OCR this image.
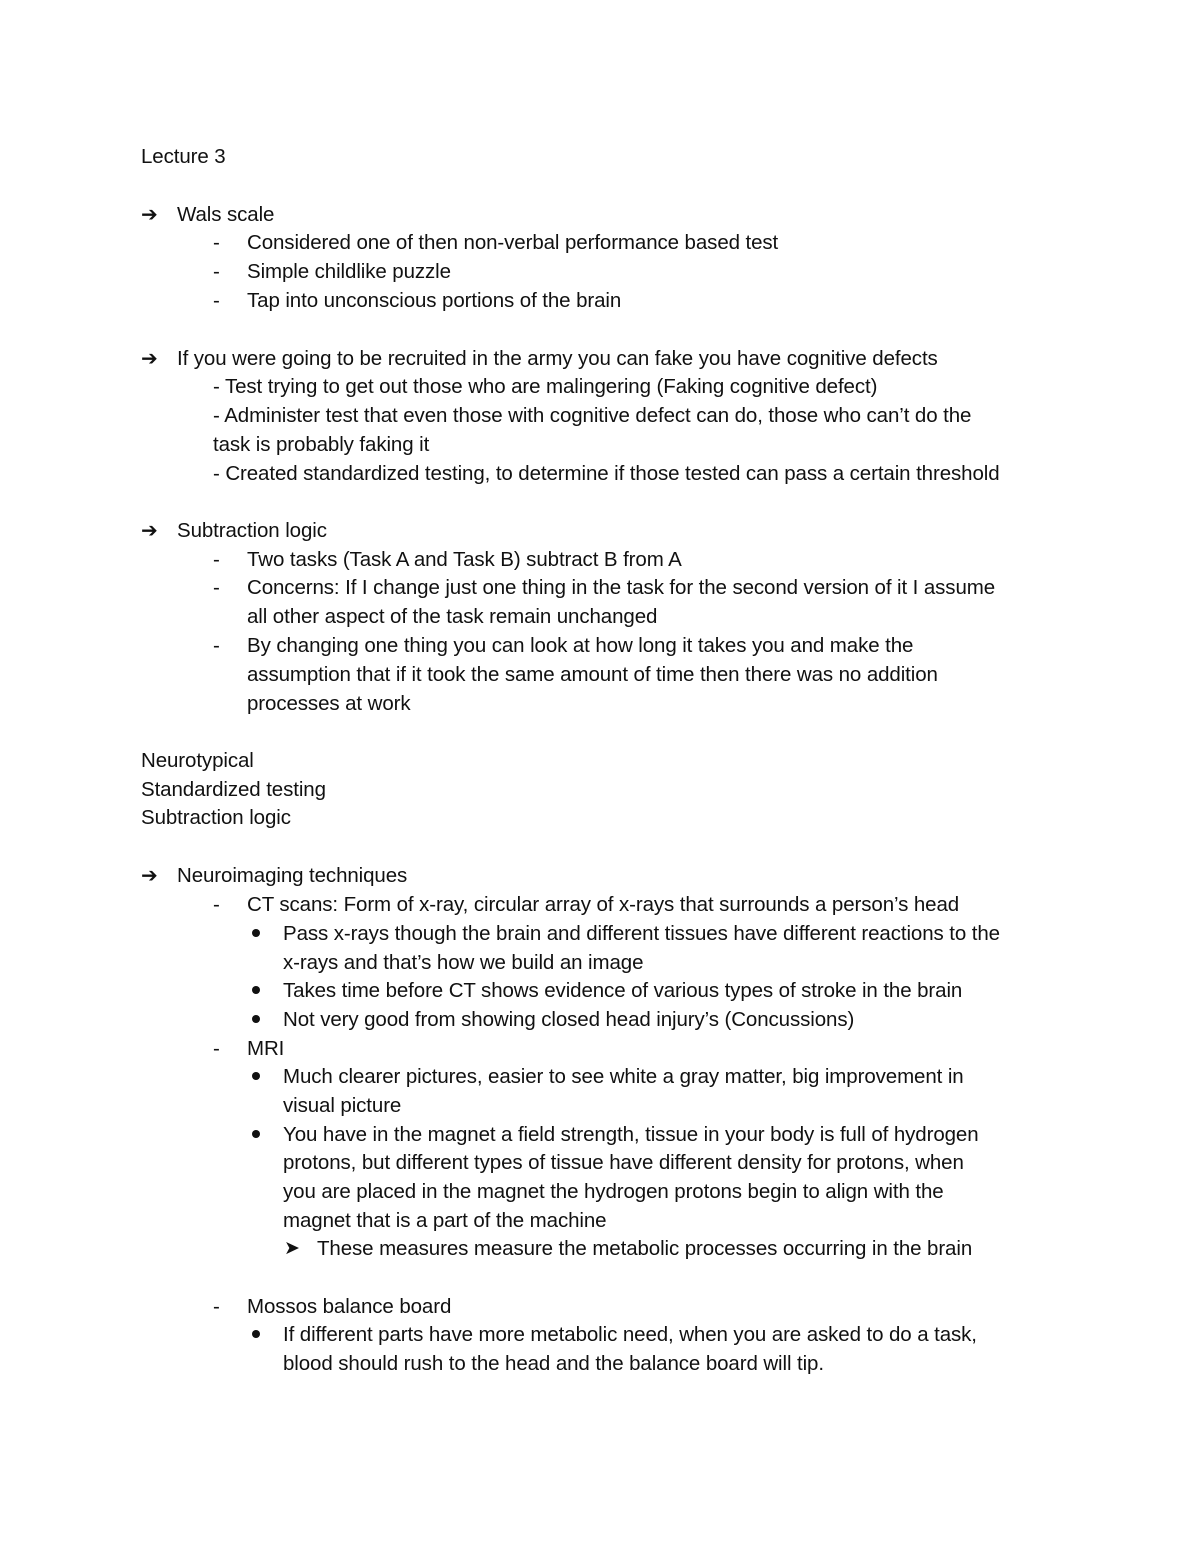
Lecture 3
➔ Wals scale
- Considered one of then non-verbal performance based test
- Simple childlike puzzle
- Tap into unconscious portions of the brain
➔ If you were going to be recruited in the army you can fake you have cognitive defects
- Test trying to get out those who are malingering (Faking cognitive defect)
- Administer test that even those with cognitive defect can do, those who can’t do the
task is probably faking it
- Created standardized testing, to determine if those tested can pass a certain threshold
➔ Subtraction logic
- Two tasks (Task A and Task B) subtract B from A
- Concerns: If I change just one thing in the task for the second version of it I assume
all other aspect of the task remain unchanged
- By changing one thing you can look at how long it takes you and make the
assumption that if it took the same amount of time then there was no addition
processes at work
Neurotypical
Standardized testing
Subtraction logic
➔ Neuroimaging techniques
- CT scans: Form of x-ray, circular array of x-rays that surrounds a person’s head
Pass x-rays though the brain and different tissues have different reactions to the
x-rays and that’s how we build an image
Takes time before CT shows evidence of various types of stroke in the brain
Not very good from showing closed head injury’s (Concussions)
- MRI
Much clearer pictures, easier to see white a gray matter, big improvement in
visual picture
You have in the magnet a field strength, tissue in your body is full of hydrogen
protons, but different types of tissue have different density for protons, when
you are placed in the magnet the hydrogen protons begin to align with the
magnet that is a part of the machine
➤ These measures measure the metabolic processes occurring in the brain
- Mossos balance board
If different parts have more metabolic need, when you are asked to do a task,
blood should rush to the head and the balance board will tip.
